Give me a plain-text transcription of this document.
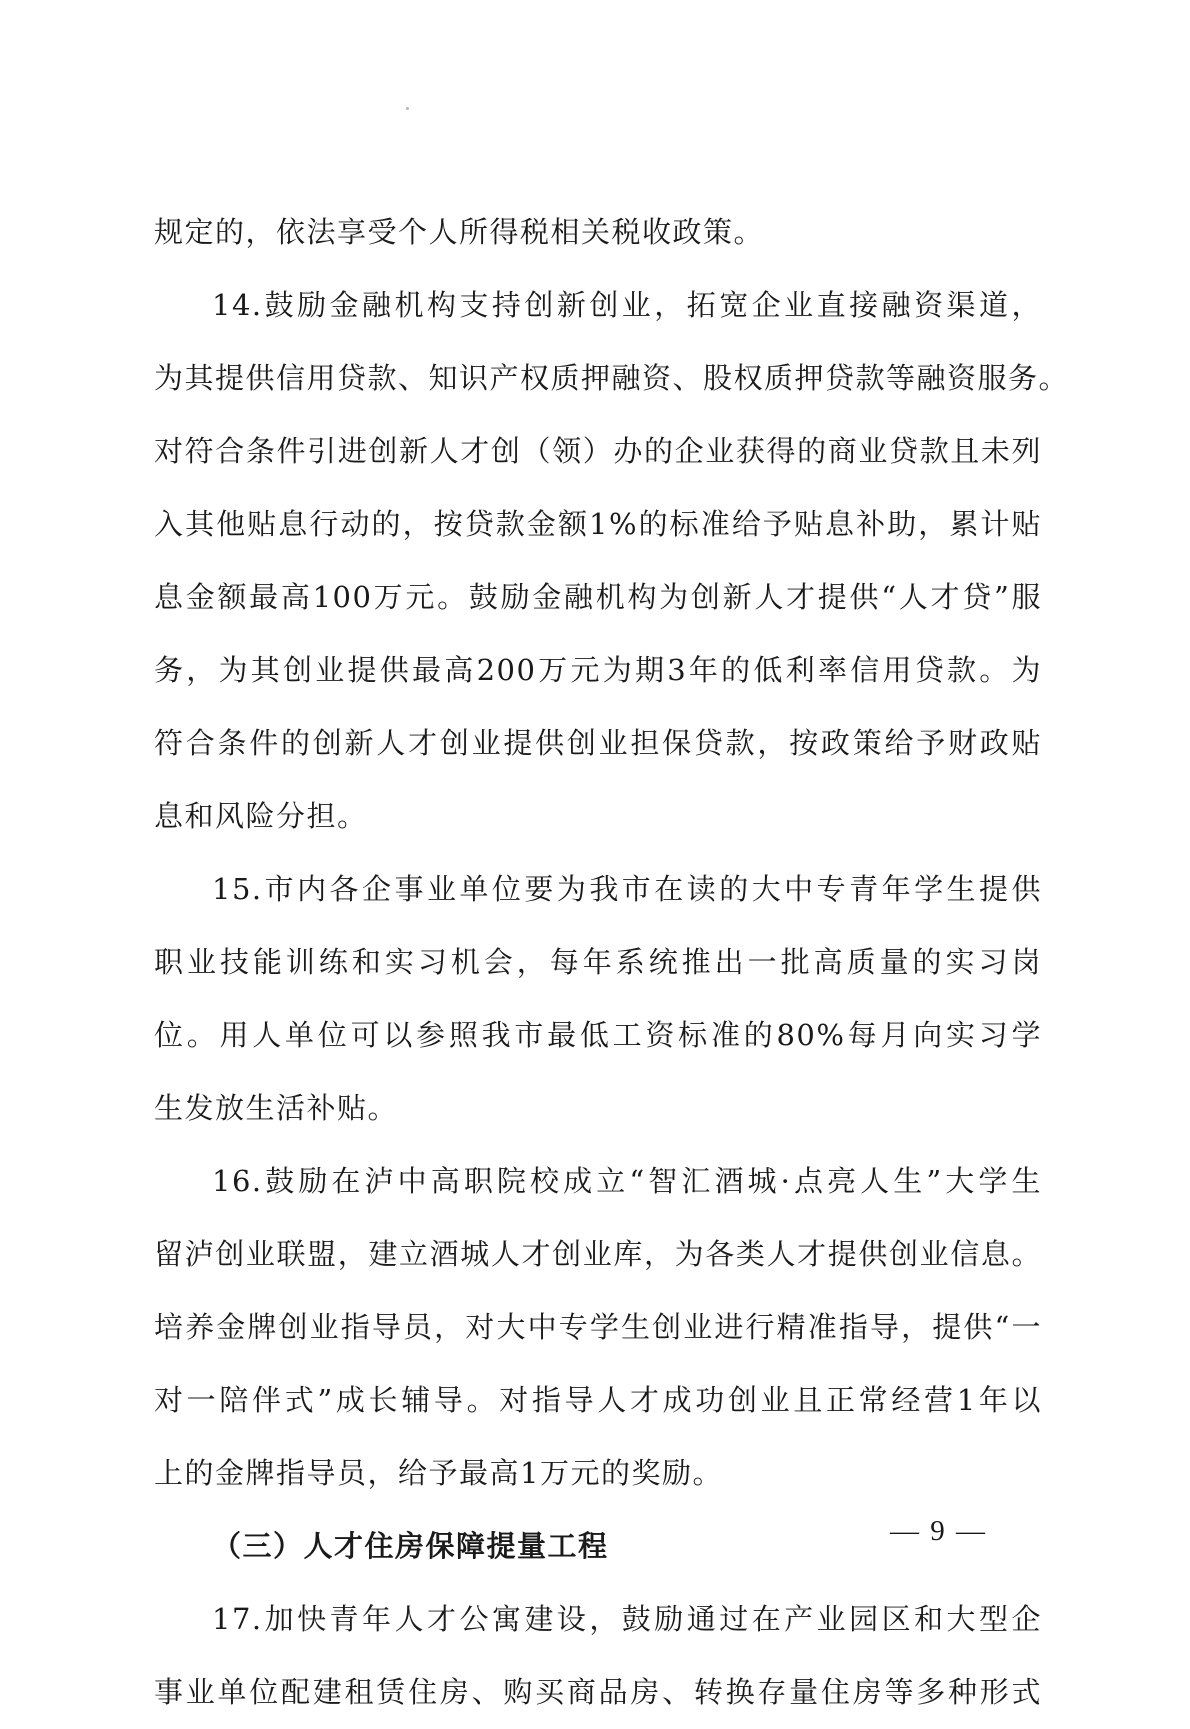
规定的，依法享受个人所得税相关税收政策。
14.鼓励金融机构支持创新创业，拓宽企业直接融资渠道，
为其提供信用贷款、知识产权质押融资、股权质押贷款等融资服务。
对符合条件引进创新人才创（领）办的企业获得的商业贷款且未列
入其他贴息行动的，按贷款金额1%的标准给予贴息补助，累计贴
息金额最高100万元。鼓励金融机构为创新人才提供“人才贷”服
务，为其创业提供最高200万元为期3年的低利率信用贷款。为
符合条件的创新人才创业提供创业担保贷款，按政策给予财政贴
息和风险分担。
15.市内各企事业单位要为我市在读的大中专青年学生提供
职业技能训练和实习机会，每年系统推出一批高质量的实习岗
位。用人单位可以参照我市最低工资标准的80%每月向实习学
生发放生活补贴。
16.鼓励在泸中高职院校成立“智汇酒城·点亮人生”大学生
留泸创业联盟，建立酒城人才创业库，为各类人才提供创业信息。
培养金牌创业指导员，对大中专学生创业进行精准指导，提供“一
对一陪伴式”成长辅导。对指导人才成功创业且正常经营1年以
上的金牌指导员，给予最高1万元的奖励。
（三）人才住房保障提量工程
17.加快青年人才公寓建设，鼓励通过在产业园区和大型企
事业单位配建租赁住房、购买商品房、转换存量住房等多种形式
— 9 —
